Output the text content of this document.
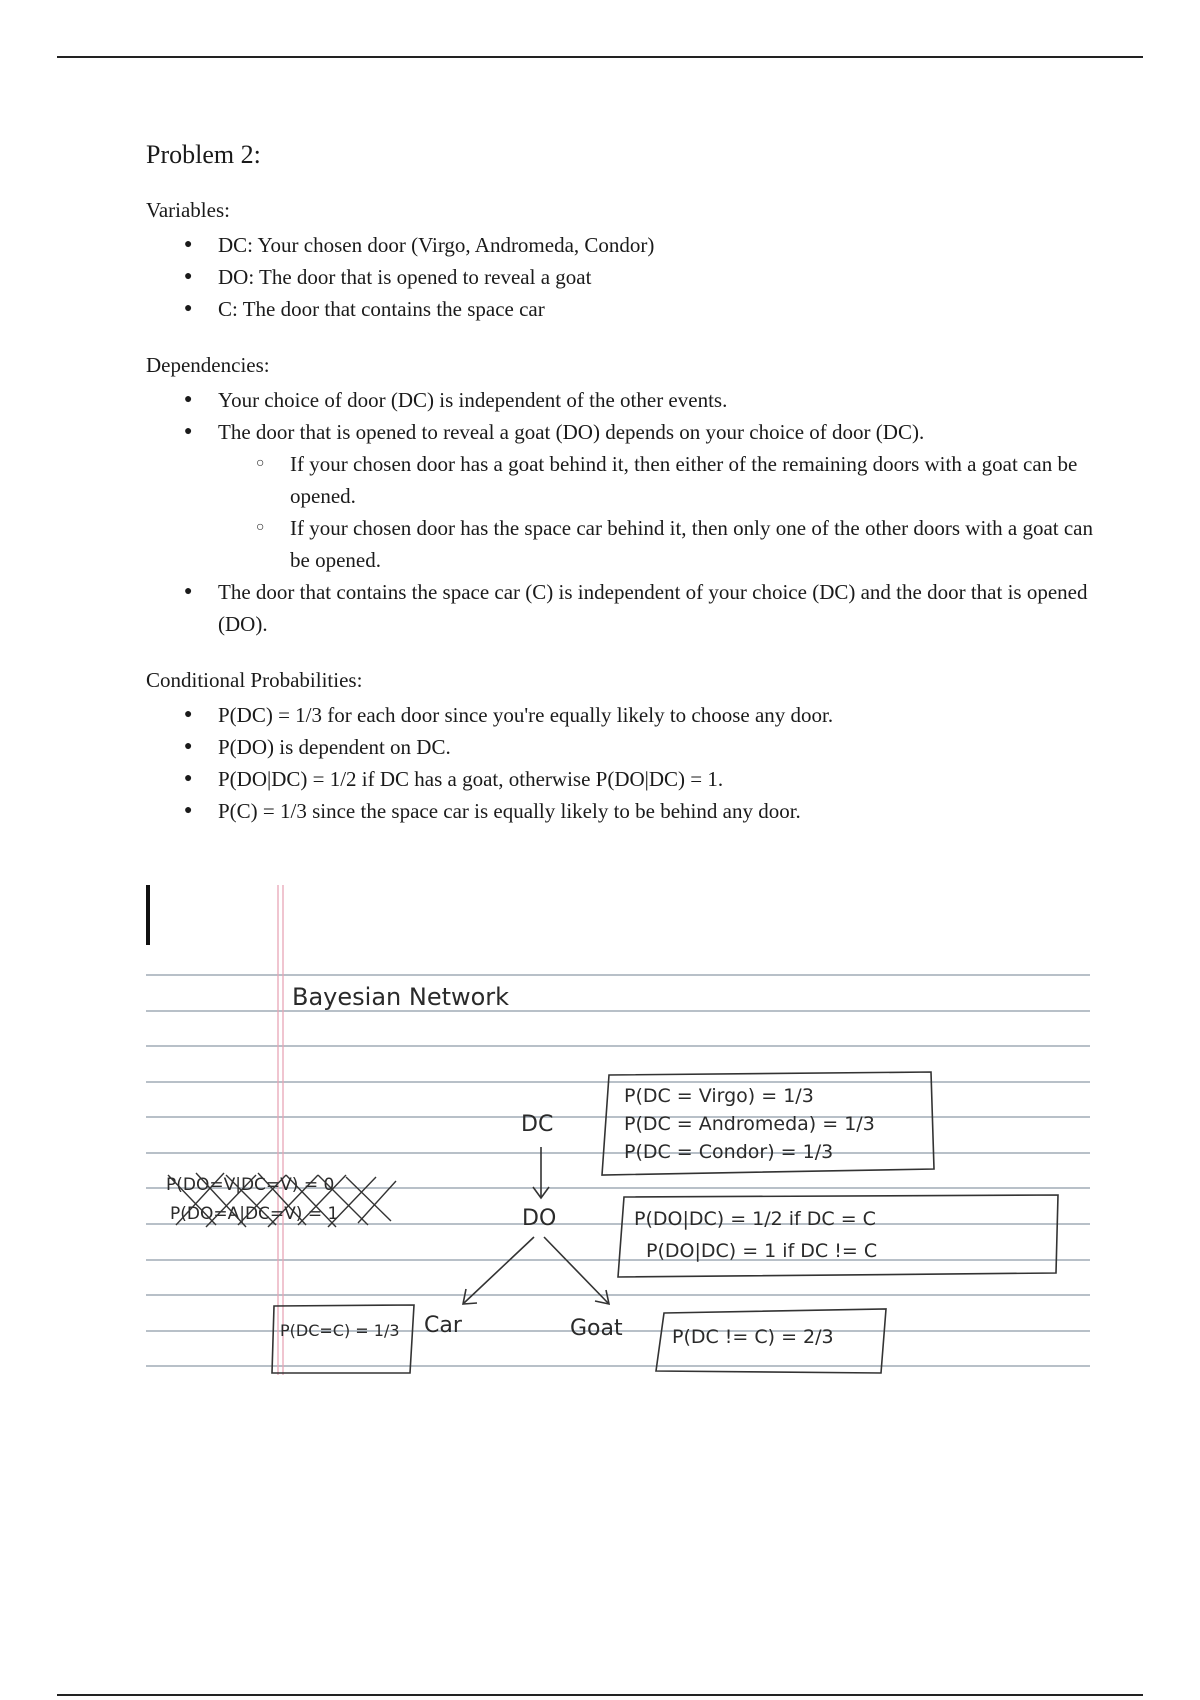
Problem 2:
Variables:
● DC: Your chosen door (Virgo, Andromeda, Condor)
● DO: The door that is opened to reveal a goat
● C: The door that contains the space car
Dependencies:
● Your choice of door (DC) is independent of the other events.
● The door that is opened to reveal a goat (DO) depends on your choice of door (DC).
○ If your chosen door has a goat behind it, then either of the remaining doors with a goat can be opened.
○ If your chosen door has the space car behind it, then only one of the other doors with a goat can be opened.
● The door that contains the space car (C) is independent of your choice (DC) and the door that is opened (DO).
Conditional Probabilities:
● P(DC) = 1/3 for each door since you're equally likely to choose any door.
● P(DO) is dependent on DC.
● P(DO|DC) = 1/2 if DC has a goat, otherwise P(DO|DC) = 1.
● P(C) = 1/3 since the space car is equally likely to be behind any door.
Bayesian Network
P(DC = Virgo) = 1/3
P(DC = Andromeda) = 1/3
P(DC = Condor) = 1/3
DC
P(DO=V|DC=V) = 0
P(DO=A|DC=V) = 1	DO	P(DO|DC) = 1/2 if DC = C
P(DO|DC) = 1 if DC != C
P(DC=C) = 1/3 Car	Goat	P(DC != C) = 2/3
